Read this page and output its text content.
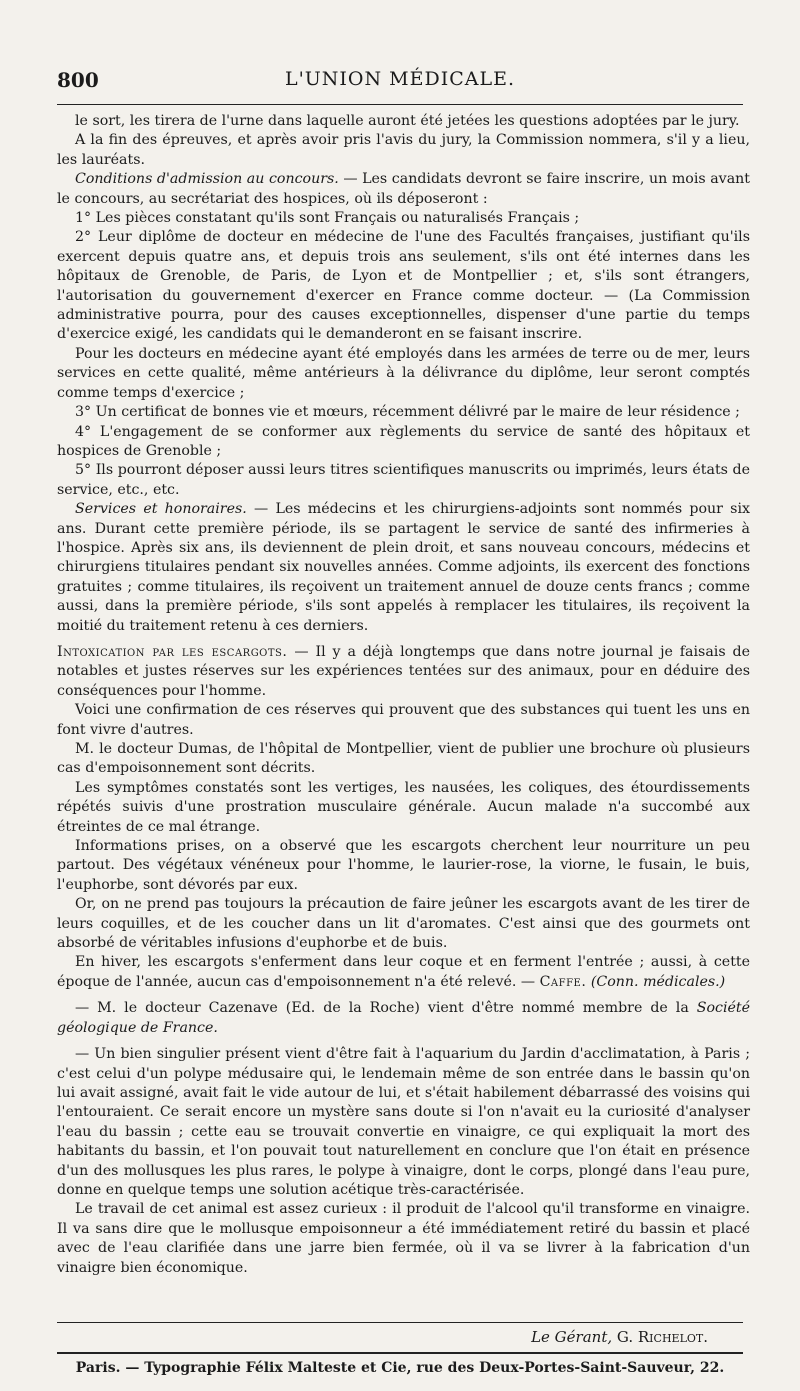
800	L'UNION MÉDICALE.

le sort, les tirera de l'urne dans laquelle auront été jetées les questions adoptées par le jury.

A la fin des épreuves, et après avoir pris l'avis du jury, la Commission nommera, s'il y a lieu, les lauréats.

Conditions d'admission au concours. — Les candidats devront se faire inscrire, un mois avant le concours, au secrétariat des hospices, où ils déposeront :

1° Les pièces constatant qu'ils sont Français ou naturalisés Français ;

2° Leur diplôme de docteur en médecine de l'une des Facultés françaises, justifiant qu'ils exercent depuis quatre ans, et depuis trois ans seulement, s'ils ont été internes dans les hôpitaux de Grenoble, de Paris, de Lyon et de Montpellier ; et, s'ils sont étrangers, l'autorisation du gouvernement d'exercer en France comme docteur. — (La Commission administrative pourra, pour des causes exceptionnelles, dispenser d'une partie du temps d'exercice exigé, les candidats qui le demanderont en se faisant inscrire.

Pour les docteurs en médecine ayant été employés dans les armées de terre ou de mer, leurs services en cette qualité, même antérieurs à la délivrance du diplôme, leur seront comptés comme temps d'exercice ;

3° Un certificat de bonnes vie et mœurs, récemment délivré par le maire de leur résidence ;

4° L'engagement de se conformer aux règlements du service de santé des hôpitaux et hospices de Grenoble ;

5° Ils pourront déposer aussi leurs titres scientifiques manuscrits ou imprimés, leurs états de service, etc., etc.

Services et honoraires. — Les médecins et les chirurgiens-adjoints sont nommés pour six ans. Durant cette première période, ils se partagent le service de santé des infirmeries à l'hospice. Après six ans, ils deviennent de plein droit, et sans nouveau concours, médecins et chirurgiens titulaires pendant six nouvelles années. Comme adjoints, ils exercent des fonctions gratuites ; comme titulaires, ils reçoivent un traitement annuel de douze cents francs ; comme aussi, dans la première période, s'ils sont appelés à remplacer les titulaires, ils reçoivent la moitié du traitement retenu à ces derniers.

Intoxication par les escargots. — Il y a déjà longtemps que dans notre journal je faisais de notables et justes réserves sur les expériences tentées sur des animaux, pour en déduire des conséquences pour l'homme.

Voici une confirmation de ces réserves qui prouvent que des substances qui tuent les uns en font vivre d'autres.

M. le docteur Dumas, de l'hôpital de Montpellier, vient de publier une brochure où plusieurs cas d'empoisonnement sont décrits.

Les symptômes constatés sont les vertiges, les nausées, les coliques, des étourdissements répétés suivis d'une prostration musculaire générale. Aucun malade n'a succombé aux étreintes de ce mal étrange.

Informations prises, on a observé que les escargots cherchent leur nourriture un peu partout. Des végétaux vénéneux pour l'homme, le laurier-rose, la viorne, le fusain, le buis, l'euphorbe, sont dévorés par eux.

Or, on ne prend pas toujours la précaution de faire jeûner les escargots avant de les tirer de leurs coquilles, et de les coucher dans un lit d'aromates. C'est ainsi que des gourmets ont absorbé de véritables infusions d'euphorbe et de buis.

En hiver, les escargots s'enferment dans leur coque et en ferment l'entrée ; aussi, à cette époque de l'année, aucun cas d'empoisonnement n'a été relevé. — Caffe. (Conn. médicales.)

— M. le docteur Cazenave (Ed. de la Roche) vient d'être nommé membre de la Société géologique de France.

— Un bien singulier présent vient d'être fait à l'aquarium du Jardin d'acclimatation, à Paris ; c'est celui d'un polype médusaire qui, le lendemain même de son entrée dans le bassin qu'on lui avait assigné, avait fait le vide autour de lui, et s'était habilement débarrassé des voisins qui l'entouraient. Ce serait encore un mystère sans doute si l'on n'avait eu la curiosité d'analyser l'eau du bassin ; cette eau se trouvait convertie en vinaigre, ce qui expliquait la mort des habitants du bassin, et l'on pouvait tout naturellement en conclure que l'on était en présence d'un des mollusques les plus rares, le polype à vinaigre, dont le corps, plongé dans l'eau pure, donne en quelque temps une solution acétique très-caractérisée.

Le travail de cet animal est assez curieux : il produit de l'alcool qu'il transforme en vinaigre. Il va sans dire que le mollusque empoisonneur a été immédiatement retiré du bassin et placé avec de l'eau clarifiée dans une jarre bien fermée, où il va se livrer à la fabrication d'un vinaigre bien économique.

Le Gérant, G. Richelot.
Paris. — Typographie Félix Malteste et Cie, rue des Deux-Portes-Saint-Sauveur, 22.
